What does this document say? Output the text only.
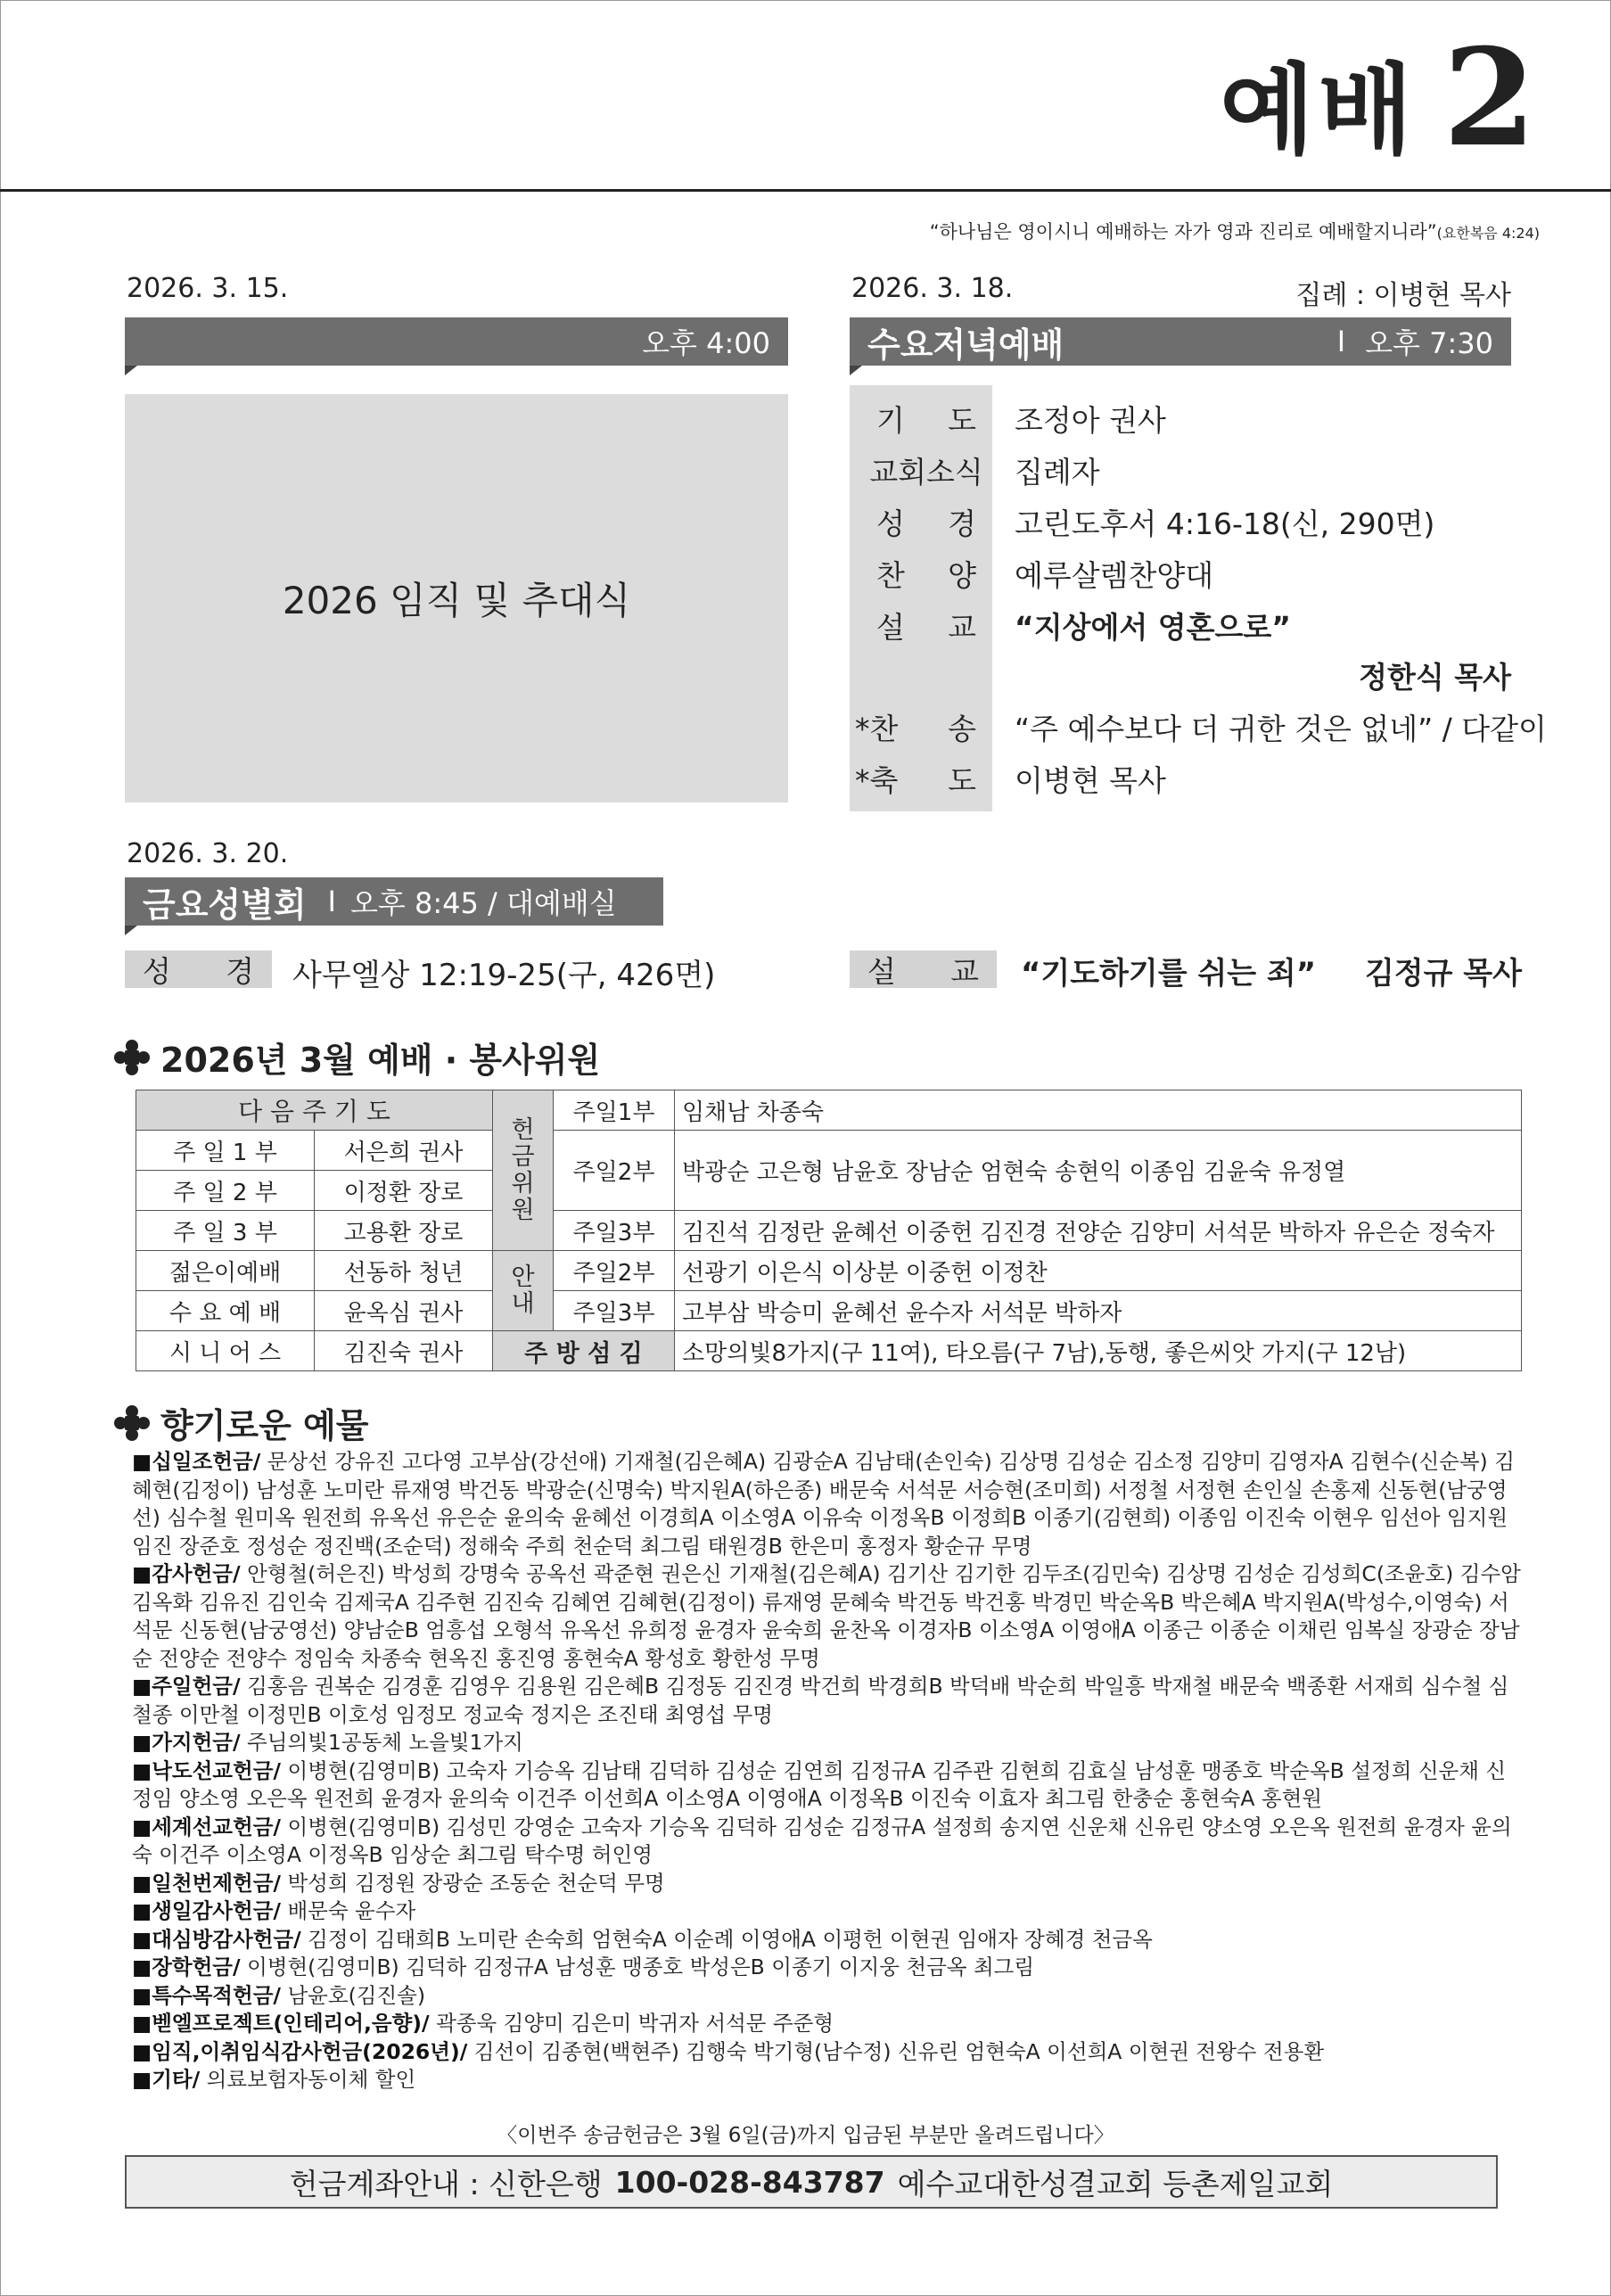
예배 2
“하나님은 영이시니 예배하는 자가 영과 진리로 예배할지니라”(요한복음 4:24)
2026. 3. 15.
오후 4:00
2026 임직 및 추대식
2026. 3. 18.	집례 : 이병현 목사
수요저녁예배	I 오후 7:30
기 도 조정아 권사
교회소식 집례자
성 경 고린도후서 4:16-18(신, 290면)
찬 양 예루살렘찬양대
설 교 “지상에서 영혼으로”
정한식 목사
*찬 송 “주 예수보다 더 귀한 것은 없네” / 다같이
*축 도 이병현 목사
2026. 3. 20.
금요성별회 I 오후 8:45 / 대예배실
성 경 사무엘상 12:19-25(구, 426면)	설 교 “기도하기를 쉬는 죄” 김정규 목사
2026년 3월 예배 · 봉사위원
다 음 주 기 도		헌금위원	주일1부	임채남 차종숙
주 일 1 부	서은희 권사		주일2부	박광순 고은형 남윤호 장남순 엄현숙 송현익 이종임 김윤숙 유정열
주 일 2 부	이정환 장로			
주 일 3 부	고용환 장로		주일3부	김진석 김정란 윤혜선 이중헌 김진경 전양순 김양미 서석문 박하자 유은순 정숙자
젊은이예배	선동하 청년	안내	주일2부	선광기 이은식 이상분 이중헌 이정찬
수 요 예 배	윤옥심 권사		주일3부	고부삼 박승미 윤혜선 윤수자 서석문 박하자
시 니 어 스	김진숙 권사	주 방 섬 김		소망의빛8가지(구 11여), 타오름(구 7남),동행, 좋은씨앗 가지(구 12남)
향기로운 예물

■십일조헌금/ 문상선 강유진 고다영 고부삼(강선애) 기재철(김은혜A) 김광순A 김남태(손인숙) 김상명 김성순 김소정 김양미 김영자A 김현수(신순복) 김혜현(김정이) 남성훈 노미란 류재영 박건동 박광순(신명숙) 박지원A(하은종) 배문숙 서석문 서승현(조미희) 서정철 서정현 손인실 손홍제 신동현(남궁영선) 심수철 원미옥 원전희 유옥선 유은순 윤의숙 윤혜선 이경희A 이소영A 이유숙 이정옥B 이정희B 이종기(김현희) 이종임 이진숙 이현우 임선아 임지원 임진 장준호 정성순 정진백(조순덕) 정해숙 주희 천순덕 최그림 태원경B 한은미 홍정자 황순규 무명

■감사헌금/ 안형철(허은진) 박성희 강명숙 공옥선 곽준현 권은신 기재철(김은혜A) 김기산 김기한 김두조(김민숙) 김상명 김성순 김성희C(조윤호) 김수암 김옥화 김유진 김인숙 김제국A 김주현 김진숙 김혜연 김혜현(김정이) 류재영 문혜숙 박건동 박건홍 박경민 박순옥B 박은혜A 박지원A(박성수,이영숙) 서석문 신동현(남궁영선) 양남순B 엄흥섭 오형석 유옥선 유희정 윤경자 윤숙희 윤찬옥 이경자B 이소영A 이영애A 이종근 이종순 이채린 임복실 장광순 장남순 전양순 전양수 정임숙 차종숙 현옥진 홍진영 홍현숙A 황성호 황한성 무명

■주일헌금/ 김홍음 권복순 김경훈 김영우 김용원 김은혜B 김정동 김진경 박건희 박경희B 박덕배 박순희 박일흥 박재철 배문숙 백종환 서재희 심수철 심철종 이만철 이정민B 이호성 임정모 정교숙 정지은 조진태 최영섭 무명

■가지헌금/ 주님의빛1공동체 노을빛1가지

■낙도선교헌금/ 이병현(김영미B) 고숙자 기승옥 김남태 김덕하 김성순 김연희 김정규A 김주관 김현희 김효실 남성훈 맹종호 박순옥B 설정희 신운채 신정임 양소영 오은옥 원전희 윤경자 윤의숙 이건주 이선희A 이소영A 이영애A 이정옥B 이진숙 이효자 최그림 한충순 홍현숙A 홍현원

■세계선교헌금/ 이병현(김영미B) 김성민 강영순 고숙자 기승옥 김덕하 김성순 김정규A 설정희 송지연 신운채 신유린 양소영 오은옥 원전희 윤경자 윤의숙 이건주 이소영A 이정옥B 임상순 최그림 탁수명 허인영

■일천번제헌금/ 박성희 김정원 장광순 조동순 천순덕 무명

■생일감사헌금/ 배문숙 윤수자

■대심방감사헌금/ 김정이 김태희B 노미란 손숙희 엄현숙A 이순례 이영애A 이평헌 이현권 임애자 장혜경 천금옥

■장학헌금/ 이병현(김영미B) 김덕하 김정규A 남성훈 맹종호 박성은B 이종기 이지웅 천금옥 최그림

■특수목적헌금/ 남윤호(김진솔)

■벧엘프로젝트(인테리어,음향)/ 곽종욱 김양미 김은미 박귀자 서석문 주준형

■임직,이취임식감사헌금(2026년)/ 김선이 김종현(백현주) 김행숙 박기형(남수정) 신유린 엄현숙A 이선희A 이현권 전왕수 전용환

■기타/ 의료보험자동이체 할인

〈이번주 송금헌금은 3월 6일(금)까지 입금된 부분만 올려드립니다〉
헌금계좌안내 : 신한은행 100-028-843787 예수교대한성결교회 등촌제일교회
